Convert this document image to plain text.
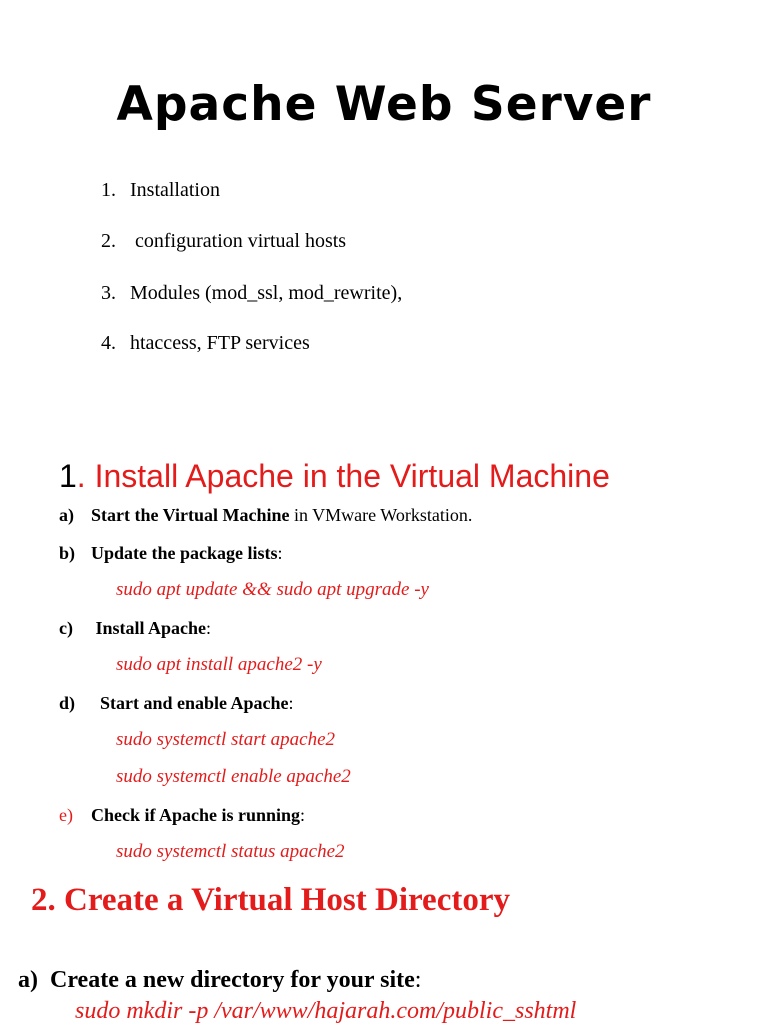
Apache Web Server
1. Installation
2. configuration virtual hosts
3. Modules (mod_ssl, mod_rewrite),
4. htaccess, FTP services
1. Install Apache in the Virtual Machine
a) Start the Virtual Machine in VMware Workstation.
b) Update the package lists:
sudo apt update && sudo apt upgrade -y
c) Install Apache:
sudo apt install apache2 -y
d)  Start and enable Apache:
sudo systemctl start apache2
sudo systemctl enable apache2
e) Check if Apache is running:
sudo systemctl status apache2
2. Create a Virtual Host Directory
a) Create a new directory for your site:
sudo mkdir -p /var/www/hajarah.com/public_sshtml
